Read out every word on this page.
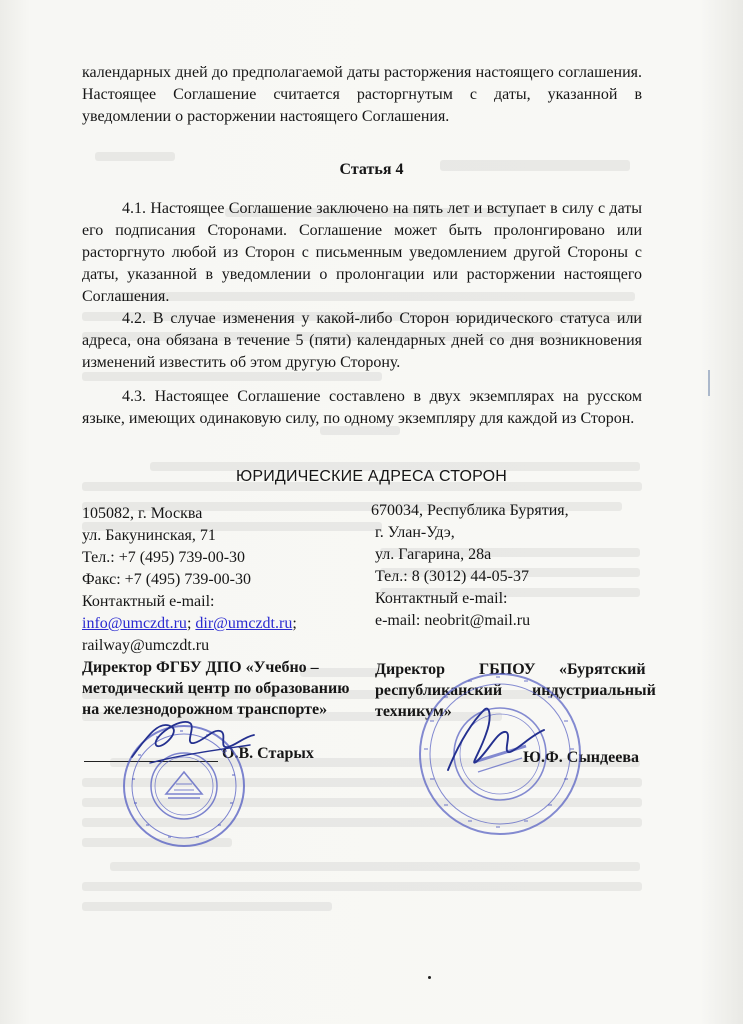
календарных дней до предполагаемой даты расторжения настоящего соглашения. Настоящее Соглашение считается расторгнутым с даты, указанной в уведомлении о расторжении настоящего Соглашения.

Статья 4

4.1. Настоящее Соглашение заключено на пять лет и вступает в силу с даты его подписания Сторонами. Соглашение может быть пролонгировано или расторгнуто любой из Сторон с письменным уведомлением другой Стороны с даты, указанной в уведомлении о пролонгации или расторжении настоящего Соглашения.

4.2. В случае изменения у какой-либо Сторон юридического статуса или адреса, она обязана в течение 5 (пяти) календарных дней со дня возникновения изменений известить об этом другую Сторону.

4.3. Настоящее Соглашение составлено в двух экземплярах на русском языке, имеющих одинаковую силу, по одному экземпляру для каждой из Сторон.

ЮРИДИЧЕСКИЕ АДРЕСА СТОРОН
105082, г. Москва
ул. Бакунинская, 71
Тел.: +7 (495) 739-00-30
Факс: +7 (495) 739-00-30
Контактный e-mail:
info@umczdt.ru; dir@umczdt.ru;
railway@umczdt.ru
670034, Республика Бурятия,
г. Улан-Удэ,
ул. Гагарина, 28а
Тел.: 8 (3012) 44-05-37
Контактный e-mail:
e-mail: neobrit@mail.ru
Директор ФГБУ ДПО «Учебно –
методический центр по образованию
на железнодорожном транспорте»
О.В. Старых
Директор ГБПОУ «Бурятский
республиканский индустриальный
техникум»
Ю.Ф. Сындеева
